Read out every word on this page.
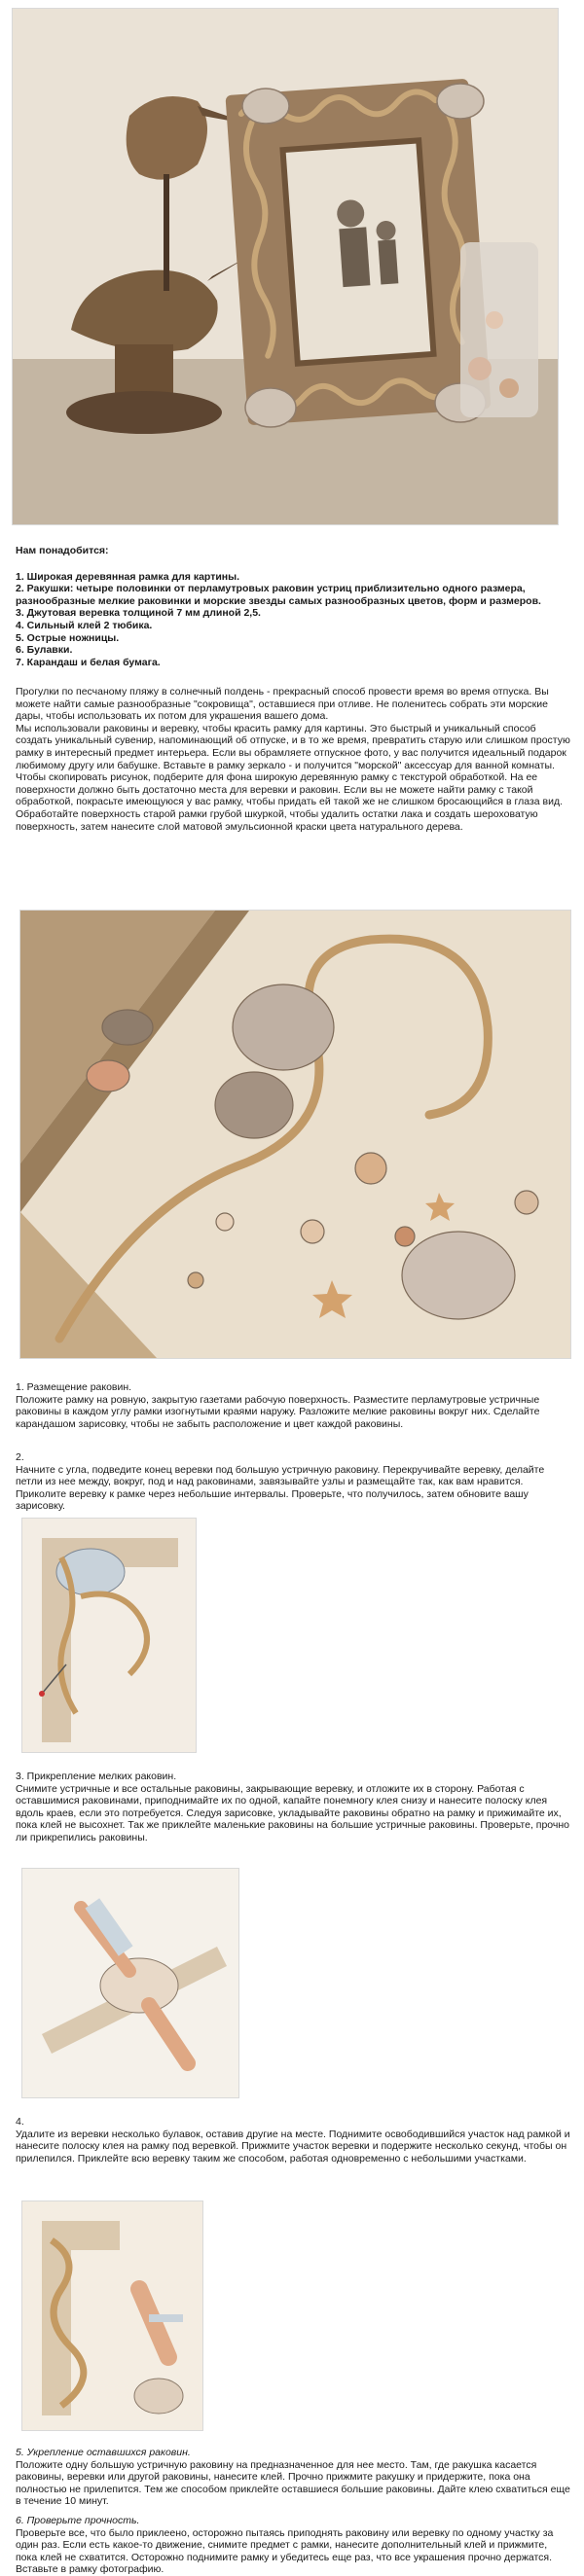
Нам понадобится:

1. Широкая деревянная рамка для картины.

2. Ракушки: четыре половинки от перламутровых раковин устриц приблизительно одного размера, разнообразные мелкие раковинки и морские звезды самых разнообразных цветов, форм и размеров.

3. Джутовая веревка толщиной 7 мм длиной 2,5.

4. Сильный клей 2 тюбика.

5. Острые ножницы.

6. Булавки.

7. Карандаш и белая бумага.

Прогулки по песчаному пляжу в солнечный полдень - прекрасный способ провести время во время отпуска. Вы можете найти самые разнообразные "сокровища", оставшиеся при отливе. Не поленитесь собрать эти морские дары, чтобы использовать их потом для украшения вашего дома.

Мы использовали раковины и веревку, чтобы красить рамку для картины. Это быстрый и уникальный способ создать уникальный сувенир, напоминающий об отпуске, и в то же время, превратить старую или слишком простую рамку в интересный предмет интерьера. Если вы обрамляете отпускное фото, у вас получится идеальный подарок любимому другу или бабушке. Вставьте в рамку зеркало - и получится "морской" аксессуар для ванной комнаты.

Чтобы скопировать рисунок, подберите для фона широкую деревянную рамку с текстурой обработкой. На ее поверхности должно быть достаточно места для веревки и раковин. Если вы не можете найти рамку с такой обработкой, покрасьте имеющуюся у вас рамку, чтобы придать ей такой же не слишком бросающийся в глаза вид.

Обработайте поверхность старой рамки грубой шкуркой, чтобы удалить остатки лака и создать шероховатую поверхность, затем нанесите слой матовой эмульсионной краски цвета натурального дерева.

1. Размещение раковин.

Положите рамку на ровную, закрытую газетами рабочую поверхность. Разместите перламутровые устричные раковины в каждом углу рамки изогнутыми краями наружу. Разложите мелкие раковины вокруг них. Сделайте карандашом зарисовку, чтобы не забыть расположение и цвет каждой раковины.

2.

Начните с угла, подведите конец веревки под большую устричную раковину. Перекручивайте веревку, делайте петли из нее между, вокруг, под и над раковинами, завязывайте узлы и размещайте так, как вам нравится. Приколите веревку к рамке через небольшие интервалы. Проверьте, что получилось, затем обновите вашу зарисовку.

3. Прикрепление мелких раковин.

Снимите устричные и все остальные раковины, закрывающие веревку, и отложите их в сторону. Работая с оставшимися раковинами, приподнимайте их по одной, капайте понемногу клея снизу и нанесите полоску клея вдоль краев, если это потребуется. Следуя зарисовке, укладывайте раковины обратно на рамку и прижимайте их, пока клей не высохнет. Так же приклейте маленькие раковины на большие устричные раковины. Проверьте, прочно ли прикрепились раковины.

4.

Удалите из веревки несколько булавок, оставив другие на месте. Поднимите освободившийся участок над рамкой и нанесите полоску клея на рамку под веревкой. Прижмите участок веревки и подержите несколько секунд, чтобы он прилепился. Приклейте всю веревку таким же способом, работая одновременно с небольшими участками.

5. Укрепление оставшихся раковин.

Положите одну большую устричную раковину на предназначенное для нее место. Там, где ракушка касается раковины, веревки или другой раковины, нанесите клей. Прочно прижмите ракушку и придержите, пока она полностью не прилепится. Тем же способом приклейте оставшиеся большие раковины. Дайте клею схватиться еще в течение 10 минут.

6. Проверьте прочность.

Проверьте все, что было приклеено, осторожно пытаясь приподнять раковину или веревку по одному участку за один раз. Если есть какое-то движение, снимите предмет с рамки, нанесите дополнительный клей и прижмите, пока клей не схватится. Осторожно поднимите рамку и убедитесь еще раз, что все украшения прочно держатся. Вставьте в рамку фотографию.
